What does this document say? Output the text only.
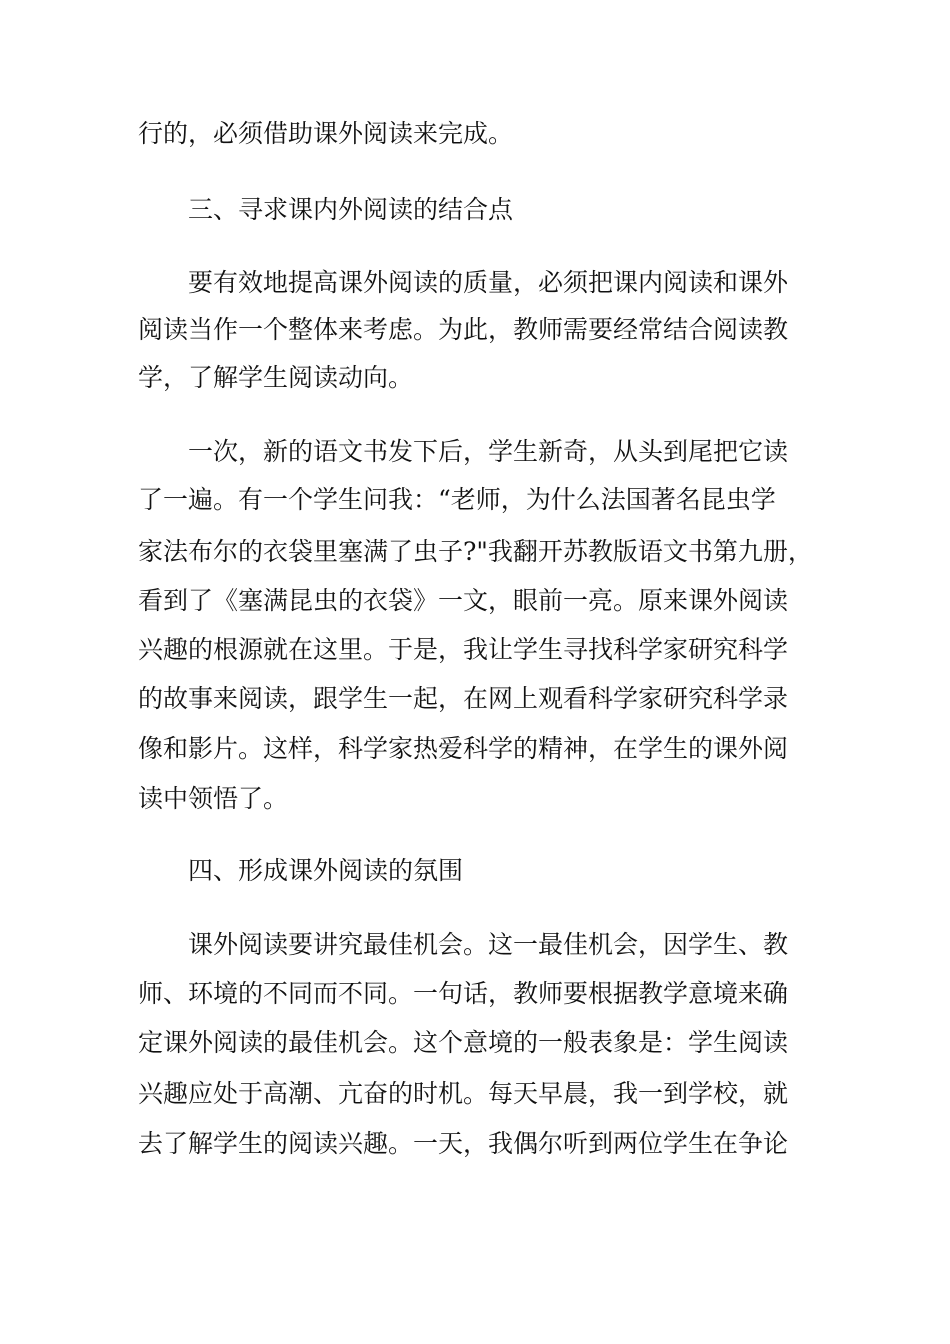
行的，必须借助课外阅读来完成。
三、寻求课内外阅读的结合点
要有效地提高课外阅读的质量，必须把课内阅读和课外
阅读当作一个整体来考虑。为此，教师需要经常结合阅读教
学，了解学生阅读动向。
一次，新的语文书发下后，学生新奇，从头到尾把它读
了一遍。有一个学生问我：“老师，为什么法国著名昆虫学
家法布尔的衣袋里塞满了虫子?"我翻开苏教版语文书第九册，
看到了《塞满昆虫的衣袋》一文，眼前一亮。原来课外阅读
兴趣的根源就在这里。于是，我让学生寻找科学家研究科学
的故事来阅读，跟学生一起，在网上观看科学家研究科学录
像和影片。这样，科学家热爱科学的精神，在学生的课外阅
读中领悟了。
四、形成课外阅读的氛围
课外阅读要讲究最佳机会。这一最佳机会，因学生、教
师、环境的不同而不同。一句话，教师要根据教学意境来确
定课外阅读的最佳机会。这个意境的一般表象是：学生阅读
兴趣应处于高潮、亢奋的时机。每天早晨，我一到学校，就
去了解学生的阅读兴趣。一天，我偶尔听到两位学生在争论
